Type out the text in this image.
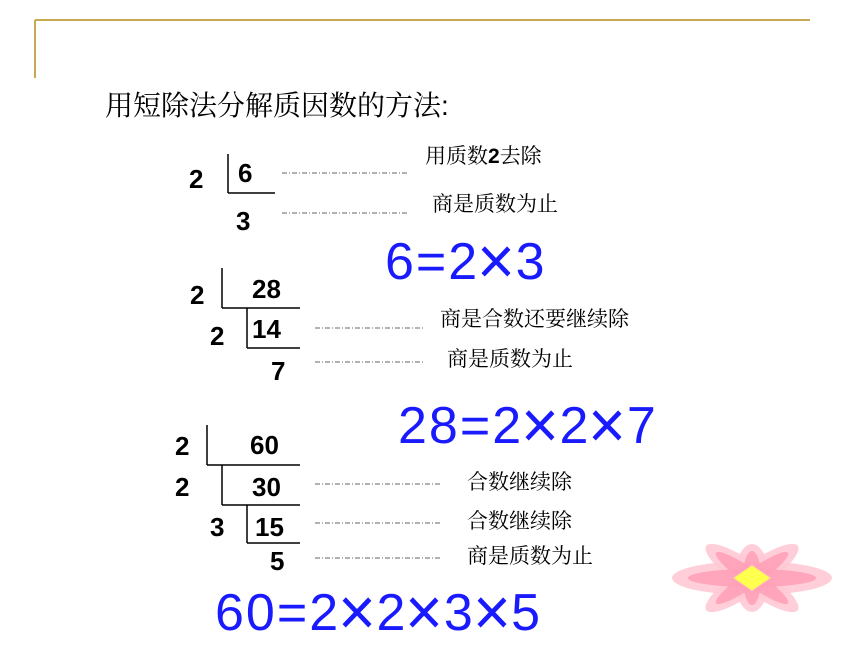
用短除法分解质因数的方法:
2 6
3
用质数2去除
商是质数为止
6=2×3
2 28
2 14
7
商是合数还要继续除
商是质数为止
28=2×2×7
2 60
2 30
3 15
5
合数继续除
合数继续除
商是质数为止
60=2×2×3×5
